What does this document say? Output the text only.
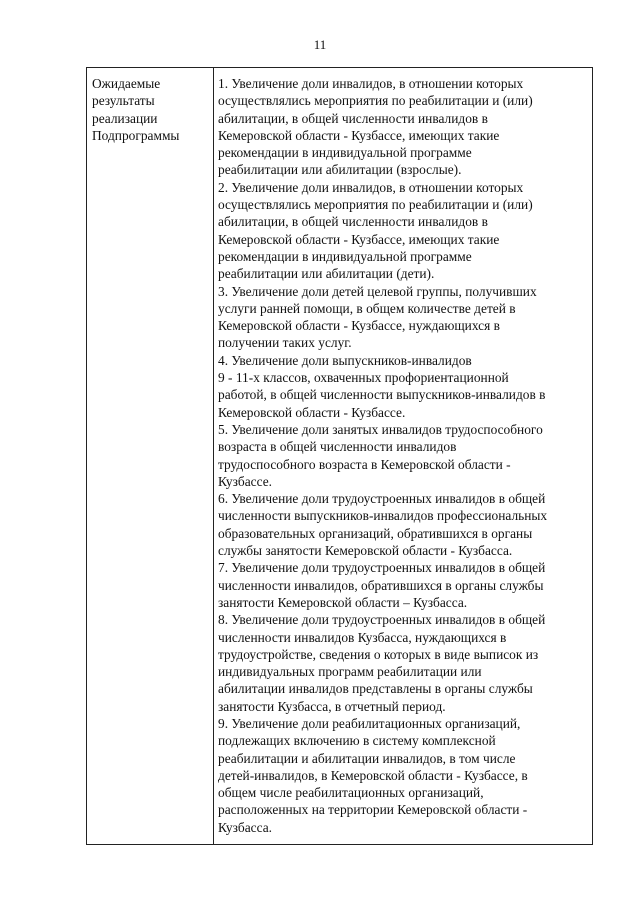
11
Ожидаемые
результаты
реализации
Подпрограммы
1. Увеличение доли инвалидов, в отношении которых
осуществлялись мероприятия по реабилитации и (или)
абилитации, в общей численности инвалидов в
Кемеровской области - Кузбассе, имеющих такие
рекомендации в индивидуальной программе
реабилитации или абилитации (взрослые).
2. Увеличение доли инвалидов, в отношении которых
осуществлялись мероприятия по реабилитации и (или)
абилитации, в общей численности инвалидов в
Кемеровской области - Кузбассе, имеющих такие
рекомендации в индивидуальной программе
реабилитации или абилитации (дети).
3. Увеличение доли детей целевой группы, получивших
услуги ранней помощи, в общем количестве детей в
Кемеровской области - Кузбассе, нуждающихся в
получении таких услуг.
4. Увеличение доли выпускников-инвалидов
9 - 11-х классов, охваченных профориентационной
работой, в общей численности выпускников-инвалидов в
Кемеровской области - Кузбассе.
5. Увеличение доли занятых инвалидов трудоспособного
возраста в общей численности инвалидов
трудоспособного возраста в Кемеровской области -
Кузбассе.
6. Увеличение доли трудоустроенных инвалидов в общей
численности выпускников-инвалидов профессиональных
образовательных организаций, обратившихся в органы
службы занятости Кемеровской области - Кузбасса.
7. Увеличение доли трудоустроенных инвалидов в общей
численности инвалидов, обратившихся в органы службы
занятости Кемеровской области – Кузбасса.
8. Увеличение доли трудоустроенных инвалидов в общей
численности инвалидов Кузбасса, нуждающихся в
трудоустройстве, сведения о которых в виде выписок из
индивидуальных программ реабилитации или
абилитации инвалидов представлены в органы службы
занятости Кузбасса, в отчетный период.
9. Увеличение доли реабилитационных организаций,
подлежащих включению в систему комплексной
реабилитации и абилитации инвалидов, в том числе
детей-инвалидов, в Кемеровской области - Кузбассе, в
общем числе реабилитационных организаций,
расположенных на территории Кемеровской области -
Кузбасса.
